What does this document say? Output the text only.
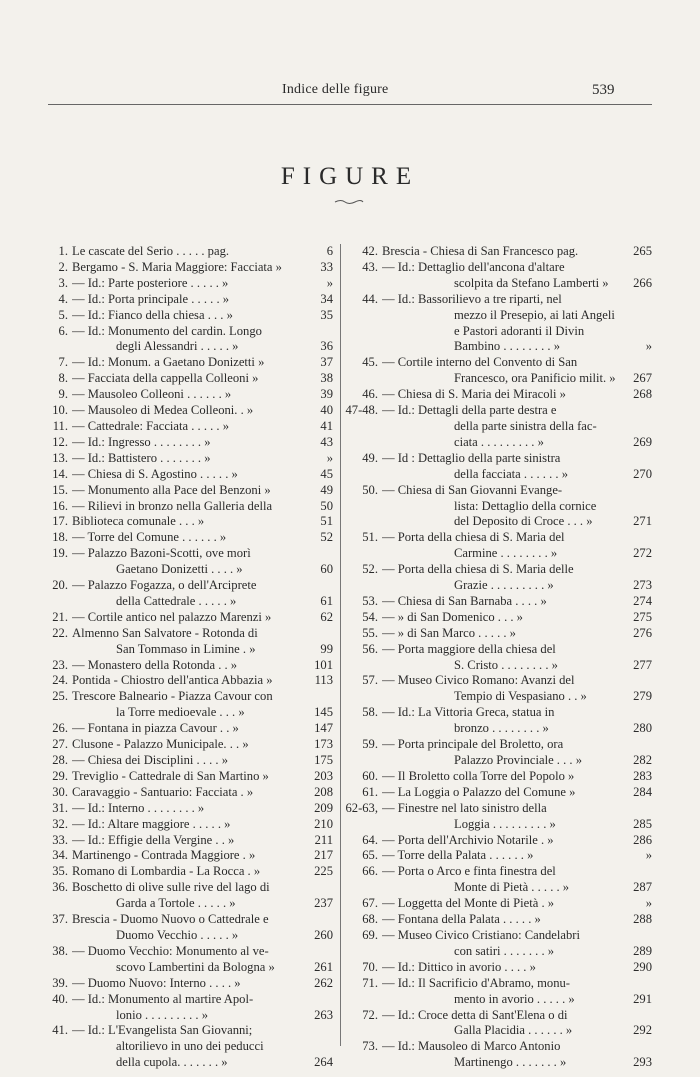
Indice delle figure	539
FIGURE
1. Le cascate del Serio . . . . . pag.	6
2. Bergamo - S. Maria Maggiore: Facciata »	33
3. — Id.: Parte posteriore . . . . . »	»
4. — Id.: Porta principale . . . . . »	34
5. — Id.: Fianco della chiesa . . . »	35
6. — Id.: Monumento del cardin. Longo
degli Alessandri . . . . . »	36
7. — Id.: Monum. a Gaetano Donizetti »	37
8. — Facciata della cappella Colleoni »	38
9. — Mausoleo Colleoni . . . . . . »	39
10. — Mausoleo di Medea Colleoni. . »	40
11. — Cattedrale: Facciata . . . . . »	41
12. — Id.: Ingresso . . . . . . . . »	43
13. — Id.: Battistero . . . . . . . »	»
14. — Chiesa di S. Agostino . . . . . »	45
15. — Monumento alla Pace del Benzoni »	49
16. — Rilievi in bronzo nella Galleria della	50
17. Biblioteca comunale . . . »	51
18. — Torre del Comune . . . . . . »	52
19. — Palazzo Bazoni-Scotti, ove morì
Gaetano Donizetti . . . . »	60
20. — Palazzo Fogazza, o dell'Arciprete
della Cattedrale . . . . . »	61
21. — Cortile antico nel palazzo Marenzi »	62
22. Almenno San Salvatore - Rotonda di
San Tommaso in Limine . »	99
23. — Monastero della Rotonda . . »	101
24. Pontida - Chiostro dell'antica Abbazia »	113
25. Trescore Balneario - Piazza Cavour con
la Torre medioevale . . . »	145
26. — Fontana in piazza Cavour . . »	147
27. Clusone - Palazzo Municipale. . . »	173
28. — Chiesa dei Disciplini . . . . »	175
29. Treviglio - Cattedrale di San Martino »	203
30. Caravaggio - Santuario: Facciata . »	208
31. — Id.: Interno . . . . . . . . »	209
32. — Id.: Altare maggiore . . . . . »	210
33. — Id.: Effigie della Vergine . . »	211
34. Martinengo - Contrada Maggiore . »	217
35. Romano di Lombardia - La Rocca . »	225
36. Boschetto di olive sulle rive del lago di
Garda a Tortole . . . . . »	237
37. Brescia - Duomo Nuovo o Cattedrale e
Duomo Vecchio . . . . . »	260
38. — Duomo Vecchio: Monumento al ve-
scovo Lambertini da Bologna »	261
39. — Duomo Nuovo: Interno . . . . »	262
40. — Id.: Monumento al martire Apol-
lonio . . . . . . . . . »	263
41. — Id.: L'Evangelista San Giovanni;
altorilievo in uno dei peducci
della cupola. . . . . . . »	264
42. Brescia - Chiesa di San Francesco pag.	265
43. — Id.: Dettaglio dell'ancona d'altare
scolpita da Stefano Lamberti »	266
44. — Id.: Bassorilievo a tre riparti, nel
mezzo il Presepio, ai lati Angeli
e Pastori adoranti il Divin
Bambino . . . . . . . . »	»
45. — Cortile interno del Convento di San
Francesco, ora Panificio milit. »	267
46. — Chiesa di S. Maria dei Miracoli »	268
47-48. — Id.: Dettagli della parte destra e
della parte sinistra della fac-
ciata . . . . . . . . . »	269
49. — Id : Dettaglio della parte sinistra
della facciata . . . . . . »	270
50. — Chiesa di San Giovanni Evange-
lista: Dettaglio della cornice
del Deposito di Croce . . . »	271
51. — Porta della chiesa di S. Maria del
Carmine . . . . . . . . »	272
52. — Porta della chiesa di S. Maria delle
Grazie . . . . . . . . . »	273
53. — Chiesa di San Barnaba . . . . »	274
54. — » di San Domenico . . . »	275
55. — » di San Marco . . . . . »	276
56. — Porta maggiore della chiesa del
S. Cristo . . . . . . . . »	277
57. — Museo Civico Romano: Avanzi del
Tempio di Vespasiano . . »	279
58. — Id.: La Vittoria Greca, statua in
bronzo . . . . . . . . »	280
59. — Porta principale del Broletto, ora
Palazzo Provinciale . . . »	282
60. — Il Broletto colla Torre del Popolo »	283
61. — La Loggia o Palazzo del Comune »	284
62-63, — Finestre nel lato sinistro della
Loggia . . . . . . . . . »	285
64. — Porta dell'Archivio Notarile . »	286
65. — Torre della Palata . . . . . . »	»
66. — Porta o Arco e finta finestra del
Monte di Pietà . . . . . »	287
67. — Loggetta del Monte di Pietà . »	»
68. — Fontana della Palata . . . . . »	288
69. — Museo Civico Cristiano: Candelabri
con satiri . . . . . . . »	289
70. — Id.: Dittico in avorio . . . . »	290
71. — Id.: Il Sacrificio d'Abramo, monu-
mento in avorio . . . . . »	291
72. — Id.: Croce detta di Sant'Elena o di
Galla Placidia . . . . . . »	292
73. — Id.: Mausoleo di Marco Antonio
Martinengo . . . . . . . »	293
